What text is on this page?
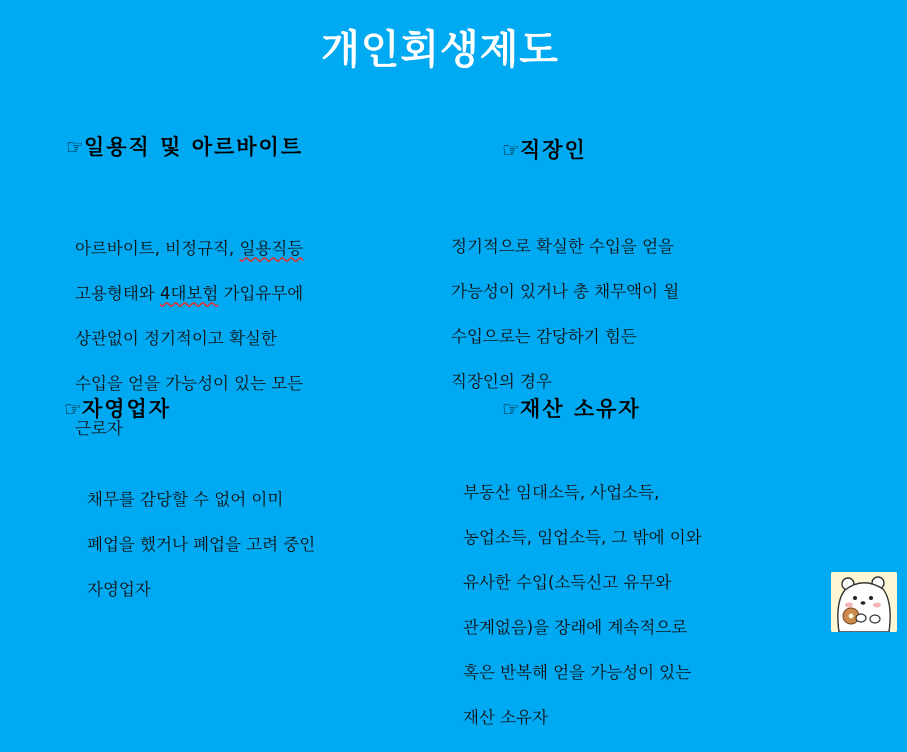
개인회생제도
☞일용직 및 아르바이트

아르바이트, 비정규직, 일용직등

고용형태와 4대보험 가입유무에

상관없이 정기적이고 확실한

수입을 얻을 가능성이 있는 모든

근로자

☞직장인

정기적으로 확실한 수입을 얻을

가능성이 있거나 총 채무액이 월

수입으로는 감당하기 힘든

직장인의 경우

☞자영업자

채무를 감당할 수 없어 이미

폐업을 했거나 폐업을 고려 중인

자영업자

☞재산 소유자

부동산 임대소득, 사업소득,

농업소득, 임업소득, 그 밖에 이와

유사한 수입(소득신고 유무와

관계없음)을 장래에 계속적으로

혹은 반복해 얻을 가능성이 있는

재산 소유자
